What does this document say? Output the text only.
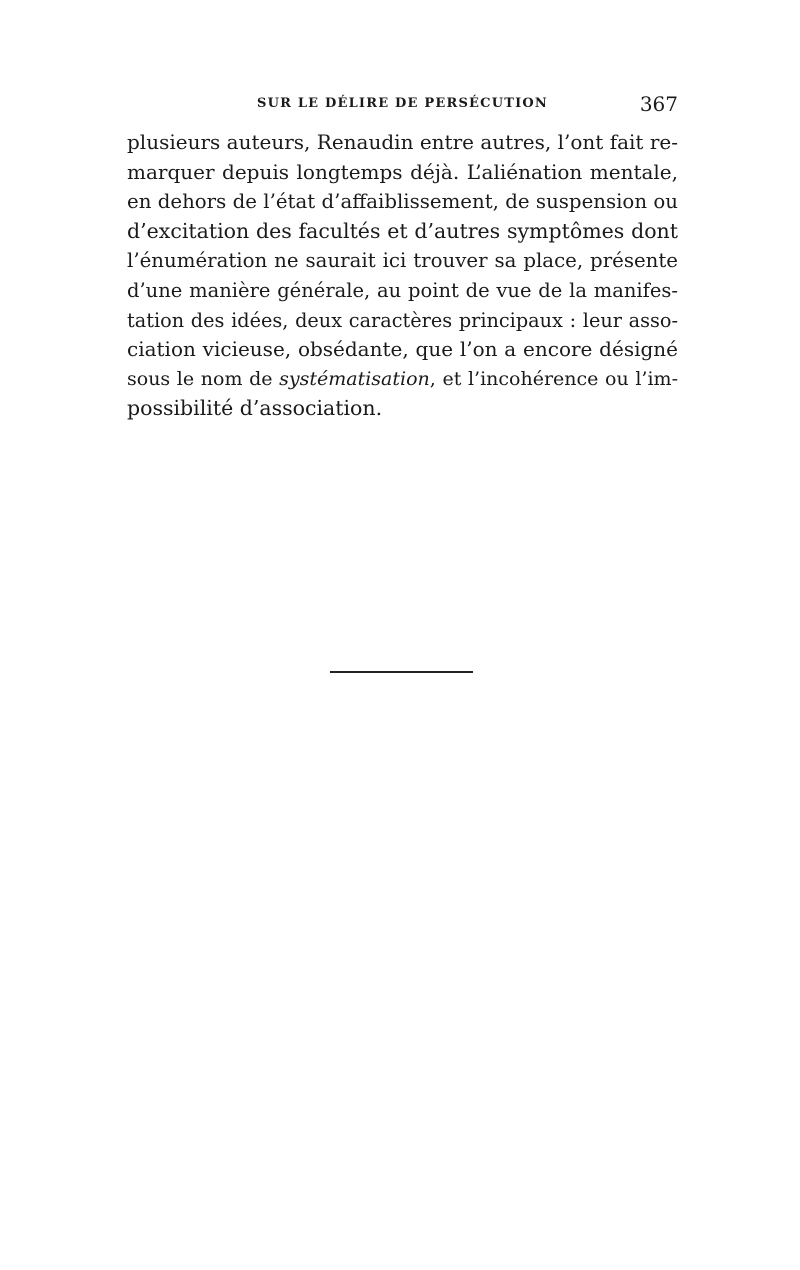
SUR LE DÉLIRE DE PERSÉCUTION	367
plusieurs auteurs, Renaudin entre autres, l’ont fait re-
marquer depuis longtemps déjà. L’aliénation mentale,
en dehors de l’état d’affaiblissement, de suspension ou
d’excitation des facultés et d’autres symptômes dont
l’énumération ne saurait ici trouver sa place, présente
d’une manière générale, au point de vue de la manifes-
tation des idées, deux caractères principaux : leur asso-
ciation vicieuse, obsédante, que l’on a encore désigné
sous le nom de systématisation, et l’incohérence ou l’im-
possibilité d’association.
